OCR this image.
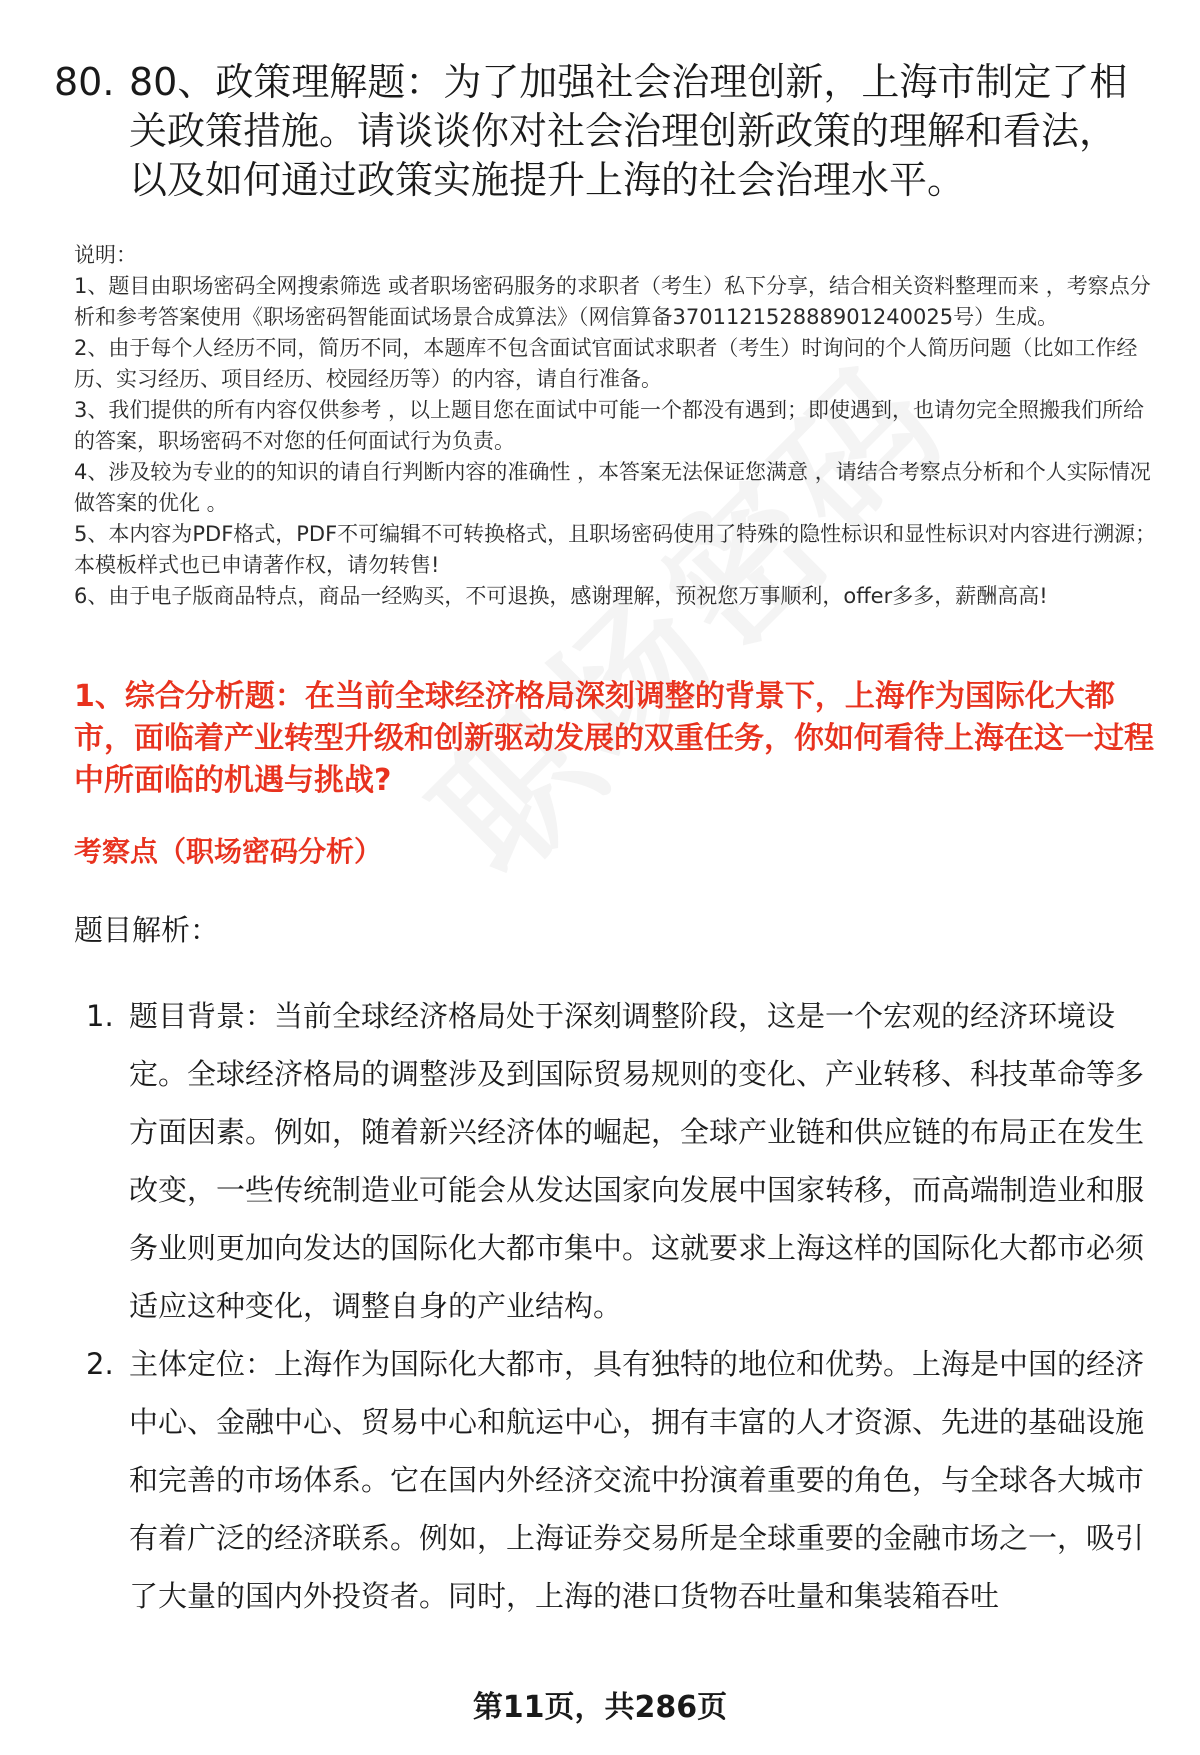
80. 80、政策理解题：为了加强社会治理创新，上海市制定了相关政策措施。请谈谈你对社会治理创新政策的理解和看法，以及如何通过政策实施提升上海的社会治理水平。
说明：
1、题目由职场密码全网搜索筛选 或者职场密码服务的求职者（考生）私下分享，结合相关资料整理而来 ，考察点分析和参考答案使用《职场密码智能面试场景合成算法》（网信算备370112152888901240025号）生成。
2、由于每个人经历不同，简历不同，本题库不包含面试官面试求职者（考生）时询问的个人简历问题（比如工作经历、实习经历、项目经历、校园经历等）的内容，请自行准备。
3、我们提供的所有内容仅供参考 ，以上题目您在面试中可能一个都没有遇到；即使遇到，也请勿完全照搬我们所给的答案，职场密码不对您的任何面试行为负责。
4、涉及较为专业的的知识的请自行判断内容的准确性 ，本答案无法保证您满意 ，请结合考察点分析和个人实际情况做答案的优化 。
5、本内容为PDF格式，PDF不可编辑不可转换格式，且职场密码使用了特殊的隐性标识和显性标识对内容进行溯源；本模板样式也已申请著作权，请勿转售!
6、由于电子版商品特点，商品一经购买，不可退换，感谢理解，预祝您万事顺利，offer多多，薪酬高高!
1、综合分析题：在当前全球经济格局深刻调整的背景下，上海作为国际化大都市，面临着产业转型升级和创新驱动发展的双重任务，你如何看待上海在这一过程中所面临的机遇与挑战?
考察点（职场密码分析）
题目解析：
1. 题目背景：当前全球经济格局处于深刻调整阶段，这是一个宏观的经济环境设定。全球经济格局的调整涉及到国际贸易规则的变化、产业转移、科技革命等多方面因素。例如，随着新兴经济体的崛起，全球产业链和供应链的布局正在发生改变，一些传统制造业可能会从发达国家向发展中国家转移，而高端制造业和服务业则更加向发达的国际化大都市集中。这就要求上海这样的国际化大都市必须适应这种变化，调整自身的产业结构。
2. 主体定位：上海作为国际化大都市，具有独特的地位和优势。上海是中国的经济中心、金融中心、贸易中心和航运中心，拥有丰富的人才资源、先进的基础设施和完善的市场体系。它在国内外经济交流中扮演着重要的角色，与全球各大城市有着广泛的经济联系。例如，上海证券交易所是全球重要的金融市场之一，吸引了大量的国内外投资者。同时，上海的港口货物吞吐量和集装箱吞吐
第11页，共286页
